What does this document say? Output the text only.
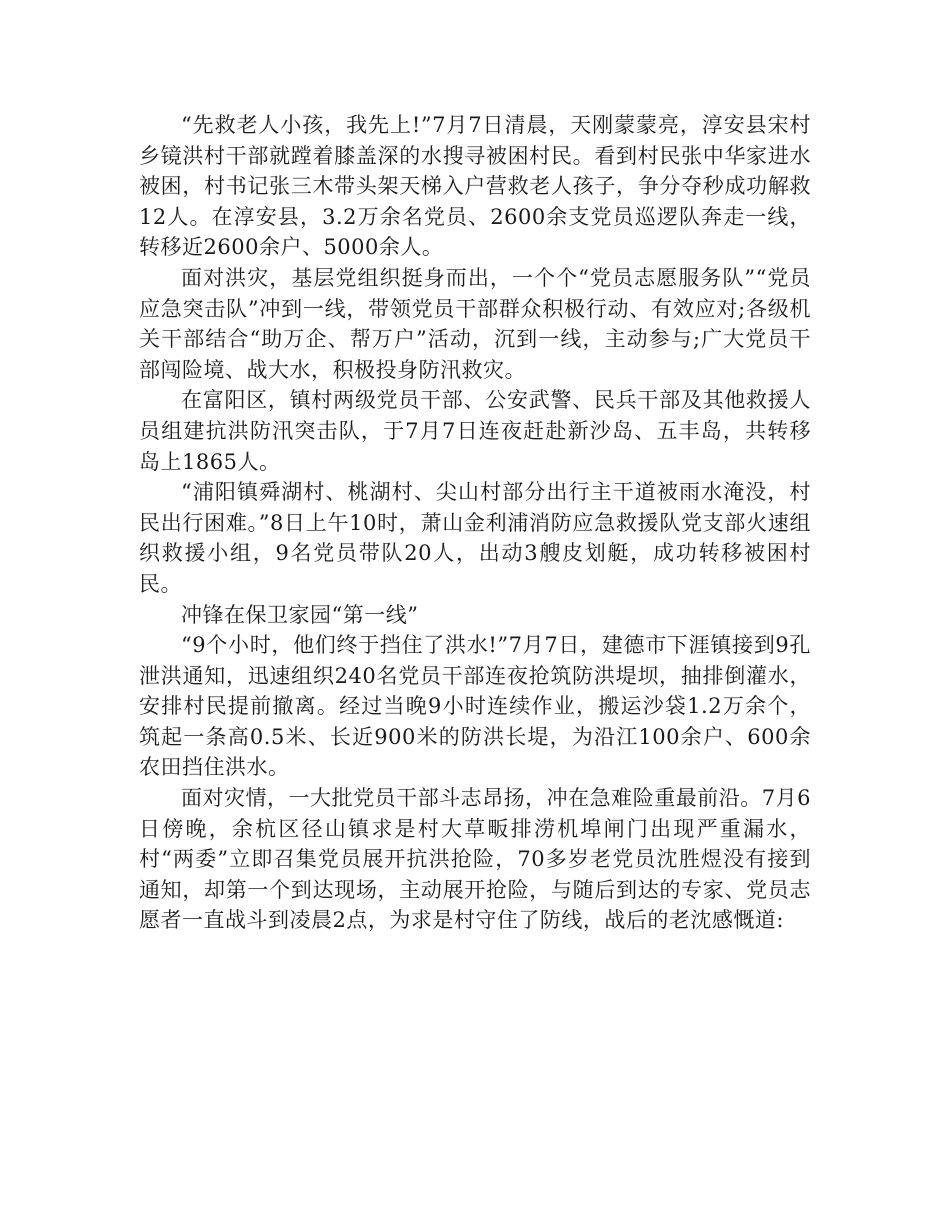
“先救老人小孩，我先上!”7月7日清晨，天刚蒙蒙亮，淳安县宋村乡镜洪村干部就蹚着膝盖深的水搜寻被困村民。看到村民张中华家进水被困，村书记张三木带头架天梯入户营救老人孩子，争分夺秒成功解救12人。在淳安县，3.2万余名党员、2600余支党员巡逻队奔走一线，转移近2600余户、5000余人。

面对洪灾，基层党组织挺身而出，一个个“党员志愿服务队”“党员应急突击队”冲到一线，带领党员干部群众积极行动、有效应对;各级机关干部结合“助万企、帮万户”活动，沉到一线，主动参与;广大党员干部闯险境、战大水，积极投身防汛救灾。

在富阳区，镇村两级党员干部、公安武警、民兵干部及其他救援人员组建抗洪防汛突击队，于7月7日连夜赶赴新沙岛、五丰岛，共转移岛上1865人。

“浦阳镇舜湖村、桃湖村、尖山村部分出行主干道被雨水淹没，村民出行困难。”8日上午10时，萧山金利浦消防应急救援队党支部火速组织救援小组，9名党员带队20人，出动3艘皮划艇，成功转移被困村民。

冲锋在保卫家园“第一线”

“9个小时，他们终于挡住了洪水!”7月7日，建德市下涯镇接到9孔泄洪通知，迅速组织240名党员干部连夜抢筑防洪堤坝，抽排倒灌水，安排村民提前撤离。经过当晚9小时连续作业，搬运沙袋1.2万余个，筑起一条高0.5米、长近900米的防洪长堤，为沿江100余户、600余农田挡住洪水。

面对灾情，一大批党员干部斗志昂扬，冲在急难险重最前沿。7月6日傍晚，余杭区径山镇求是村大草畈排涝机埠闸门出现严重漏水，村“两委”立即召集党员展开抗洪抢险，70多岁老党员沈胜煜没有接到通知，却第一个到达现场，主动展开抢险，与随后到达的专家、党员志愿者一直战斗到凌晨2点，为求是村守住了防线，战后的老沈感慨道:
